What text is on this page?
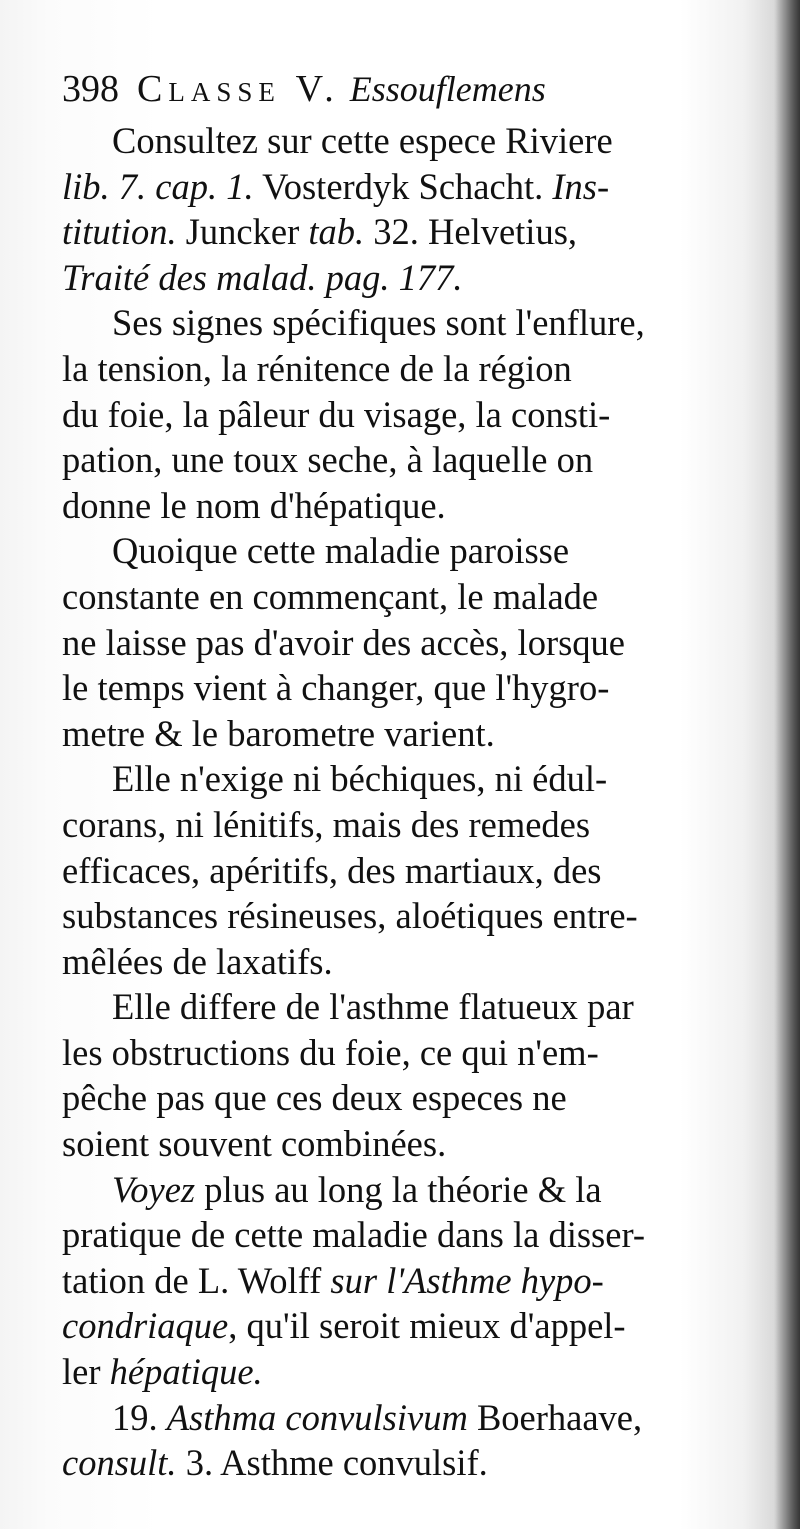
398 Classe V. Essouflemens
Consultez sur cette espece Riviere
lib. 7. cap. 1. Vosterdyk Schacht. Ins-
titution. Juncker tab. 32. Helvetius,
Traité des malad. pag. 177.
Ses signes spécifiques sont l'enflure,
la tension, la rénitence de la région
du foie, la pâleur du visage, la consti-
pation, une toux seche, à laquelle on
donne le nom d'hépatique.
Quoique cette maladie paroisse
constante en commençant, le malade
ne laisse pas d'avoir des accès, lorsque
le temps vient à changer, que l'hygro-
metre & le barometre varient.
Elle n'exige ni béchiques, ni édul-
corans, ni lénitifs, mais des remedes
efficaces, apéritifs, des martiaux, des
substances résineuses, aloétiques entre-
mêlées de laxatifs.
Elle differe de l'asthme flatueux par
les obstructions du foie, ce qui n'em-
pêche pas que ces deux especes ne
soient souvent combinées.
Voyez plus au long la théorie & la
pratique de cette maladie dans la disser-
tation de L. Wolff sur l'Asthme hypo-
condriaque, qu'il seroit mieux d'appel-
ler hépatique.
19. Asthma convulsivum Boerhaave,
consult. 3. Asthme convulsif.
